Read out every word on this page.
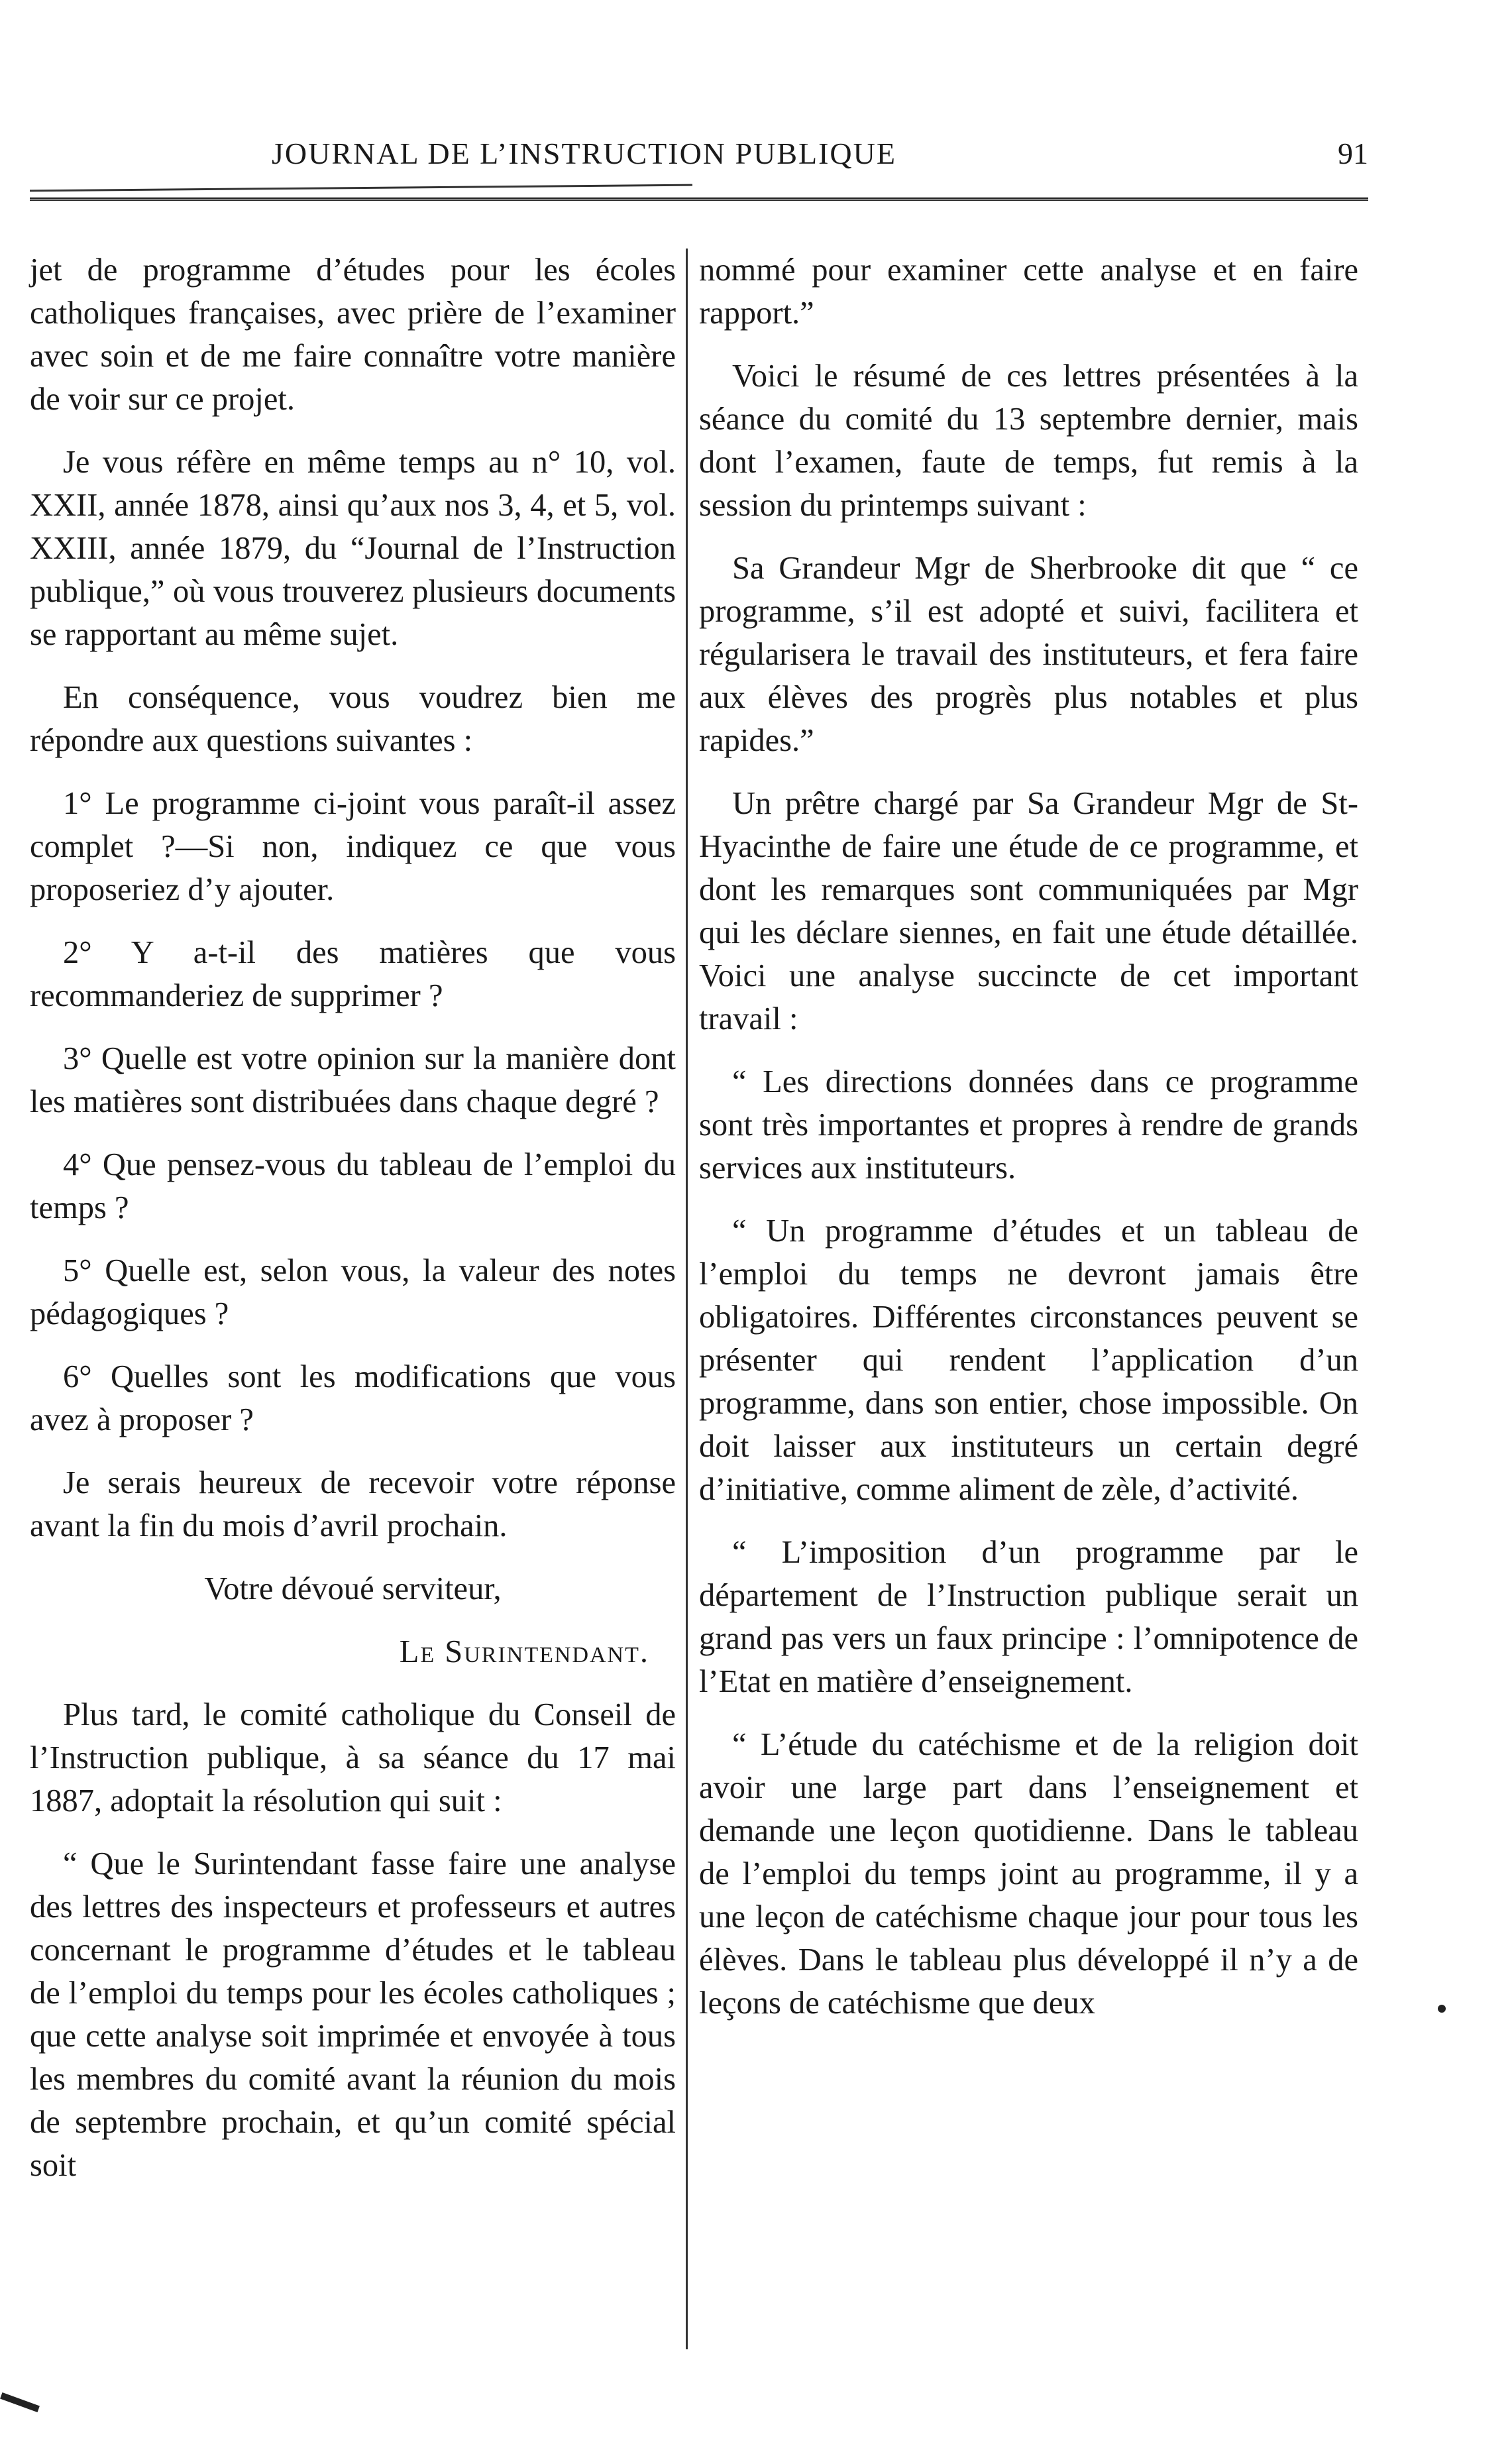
JOURNAL DE L’INSTRUCTION PUBLIQUE	91

jet de programme d’études pour les écoles catholiques françaises, avec prière de l’examiner avec soin et de me faire connaître votre manière de voir sur ce projet.

Je vous réfère en même temps au n° 10, vol. XXII, année 1878, ainsi qu’aux nos 3, 4, et 5, vol. XXIII, année 1879, du “Journal de l’Instruction publique,” où vous trouverez plusieurs documents se rapportant au même sujet.

En conséquence, vous voudrez bien me répondre aux questions suivantes :

1° Le programme ci-joint vous paraît-il assez complet ?—Si non, indiquez ce que vous proposeriez d’y ajouter.

2° Y a-t-il des matières que vous recommanderiez de supprimer ?

3° Quelle est votre opinion sur la manière dont les matières sont distribuées dans chaque degré ?

4° Que pensez-vous du tableau de l’emploi du temps ?

5° Quelle est, selon vous, la valeur des notes pédagogiques ?

6° Quelles sont les modifications que vous avez à proposer ?

Je serais heureux de recevoir votre réponse avant la fin du mois d’avril prochain.

Votre dévoué serviteur,

Le Surintendant.

Plus tard, le comité catholique du Conseil de l’Instruction publique, à sa séance du 17 mai 1887, adoptait la résolution qui suit :

“ Que le Surintendant fasse faire une analyse des lettres des inspecteurs et professeurs et autres concernant le programme d’études et le tableau de l’emploi du temps pour les écoles catholiques ; que cette analyse soit imprimée et envoyée à tous les membres du comité avant la réunion du mois de septembre prochain, et qu’un comité spécial soit

nommé pour examiner cette analyse et en faire rapport.”

Voici le résumé de ces lettres présentées à la séance du comité du 13 septembre dernier, mais dont l’examen, faute de temps, fut remis à la session du printemps suivant :

Sa Grandeur Mgr de Sherbrooke dit que “ ce programme, s’il est adopté et suivi, facilitera et régularisera le travail des instituteurs, et fera faire aux élèves des progrès plus notables et plus rapides.”

Un prêtre chargé par Sa Grandeur Mgr de St-Hyacinthe de faire une étude de ce programme, et dont les remarques sont communiquées par Mgr qui les déclare siennes, en fait une étude détaillée. Voici une analyse succincte de cet important travail :

“ Les directions données dans ce programme sont très importantes et propres à rendre de grands services aux instituteurs.

“ Un programme d’études et un tableau de l’emploi du temps ne devront jamais être obligatoires. Différentes circonstances peuvent se présenter qui rendent l’application d’un programme, dans son entier, chose impossible. On doit laisser aux instituteurs un certain degré d’initiative, comme aliment de zèle, d’activité.

“ L’imposition d’un programme par le département de l’Instruction publique serait un grand pas vers un faux principe : l’omnipotence de l’Etat en matière d’enseignement.

“ L’étude du catéchisme et de la religion doit avoir une large part dans l’enseignement et demande une leçon quotidienne. Dans le tableau de l’emploi du temps joint au programme, il y a une leçon de catéchisme chaque jour pour tous les élèves. Dans le tableau plus développé il n’y a de leçons de catéchisme que deux
